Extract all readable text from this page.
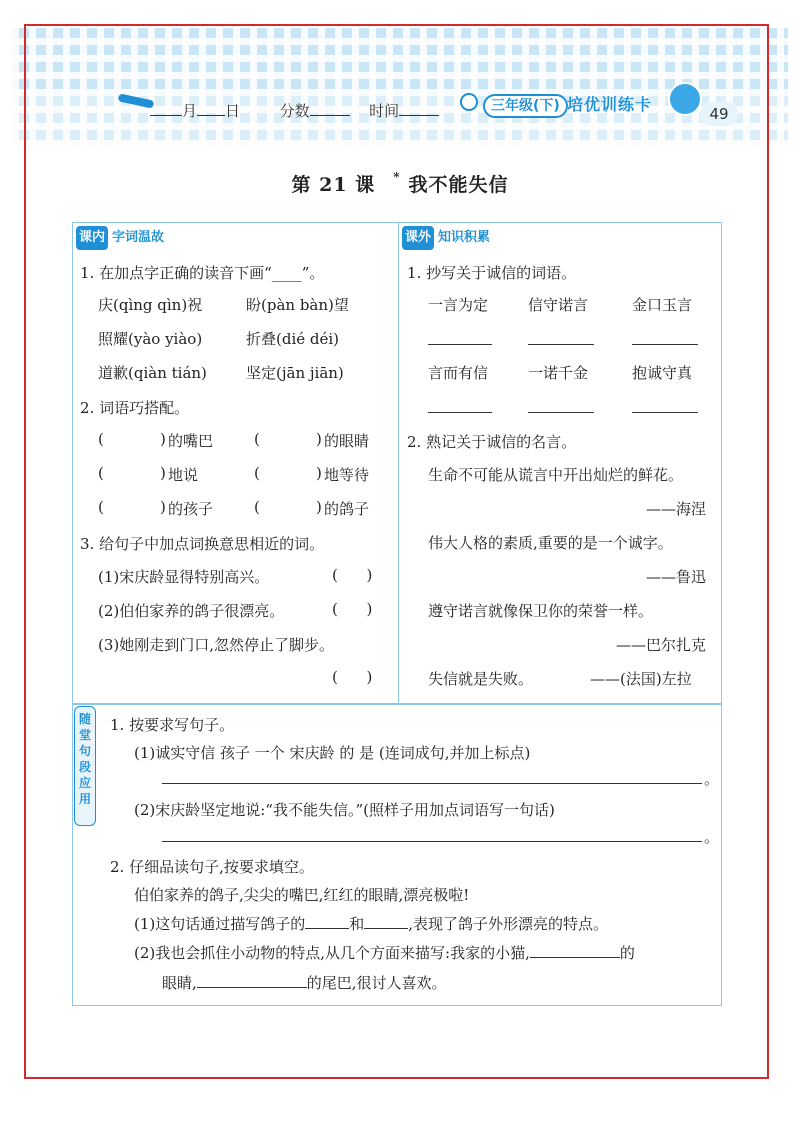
月 日	分数	时间	三年级(下) 培优训练卡	49
第 21 课 * 我不能失信
课内 字词温故
1. 在加点字正确的读音下画“____”。
庆(qìng qìn)祝	盼(pàn bàn)望
照耀(yào yiào)	折叠(dié déi)
道歉(qiàn tián)	坚定(jān jiān)
2. 词语巧搭配。
(	) 的嘴巴	(	) 的眼睛
(	) 地说	(	) 地等待
(	) 的孩子	(	) 的鸽子
3. 给句子中加点词换意思相近的词。
(1)宋庆龄显得特别高兴。	(      )
(2)伯伯家养的鸽子很漂亮。	(      )
(3)她刚走到门口,忽然停止了脚步。
(      )
课外 知识积累
1. 抄写关于诚信的词语。
一言为定	信守诺言	金口玉言
言而有信	一诺千金	抱诚守真
2. 熟记关于诚信的名言。
生命不可能从谎言中开出灿烂的鲜花。
——海涅
伟大人格的素质,重要的是一个诚字。
——鲁迅
遵守诺言就像保卫你的荣誉一样。
——巴尔扎克
失信就是失败。	——(法国)左拉
随堂句段应用
1. 按要求写句子。
(1)诚实守信 孩子 一个 宋庆龄 的 是 (连词成句,并加上标点)
。
(2)宋庆龄坚定地说:“我不能失信。”(照样子用加点词语写一句话)
。
2. 仔细品读句子,按要求填空。
伯伯家养的鸽子,尖尖的嘴巴,红红的眼睛,漂亮极啦!
(1)这句话通过描写鸽子的	和	,表现了鸽子外形漂亮的特点。
(2)我也会抓住小动物的特点,从几个方面来描写:我家的小猫,	的
眼睛,	的尾巴,很讨人喜欢。
